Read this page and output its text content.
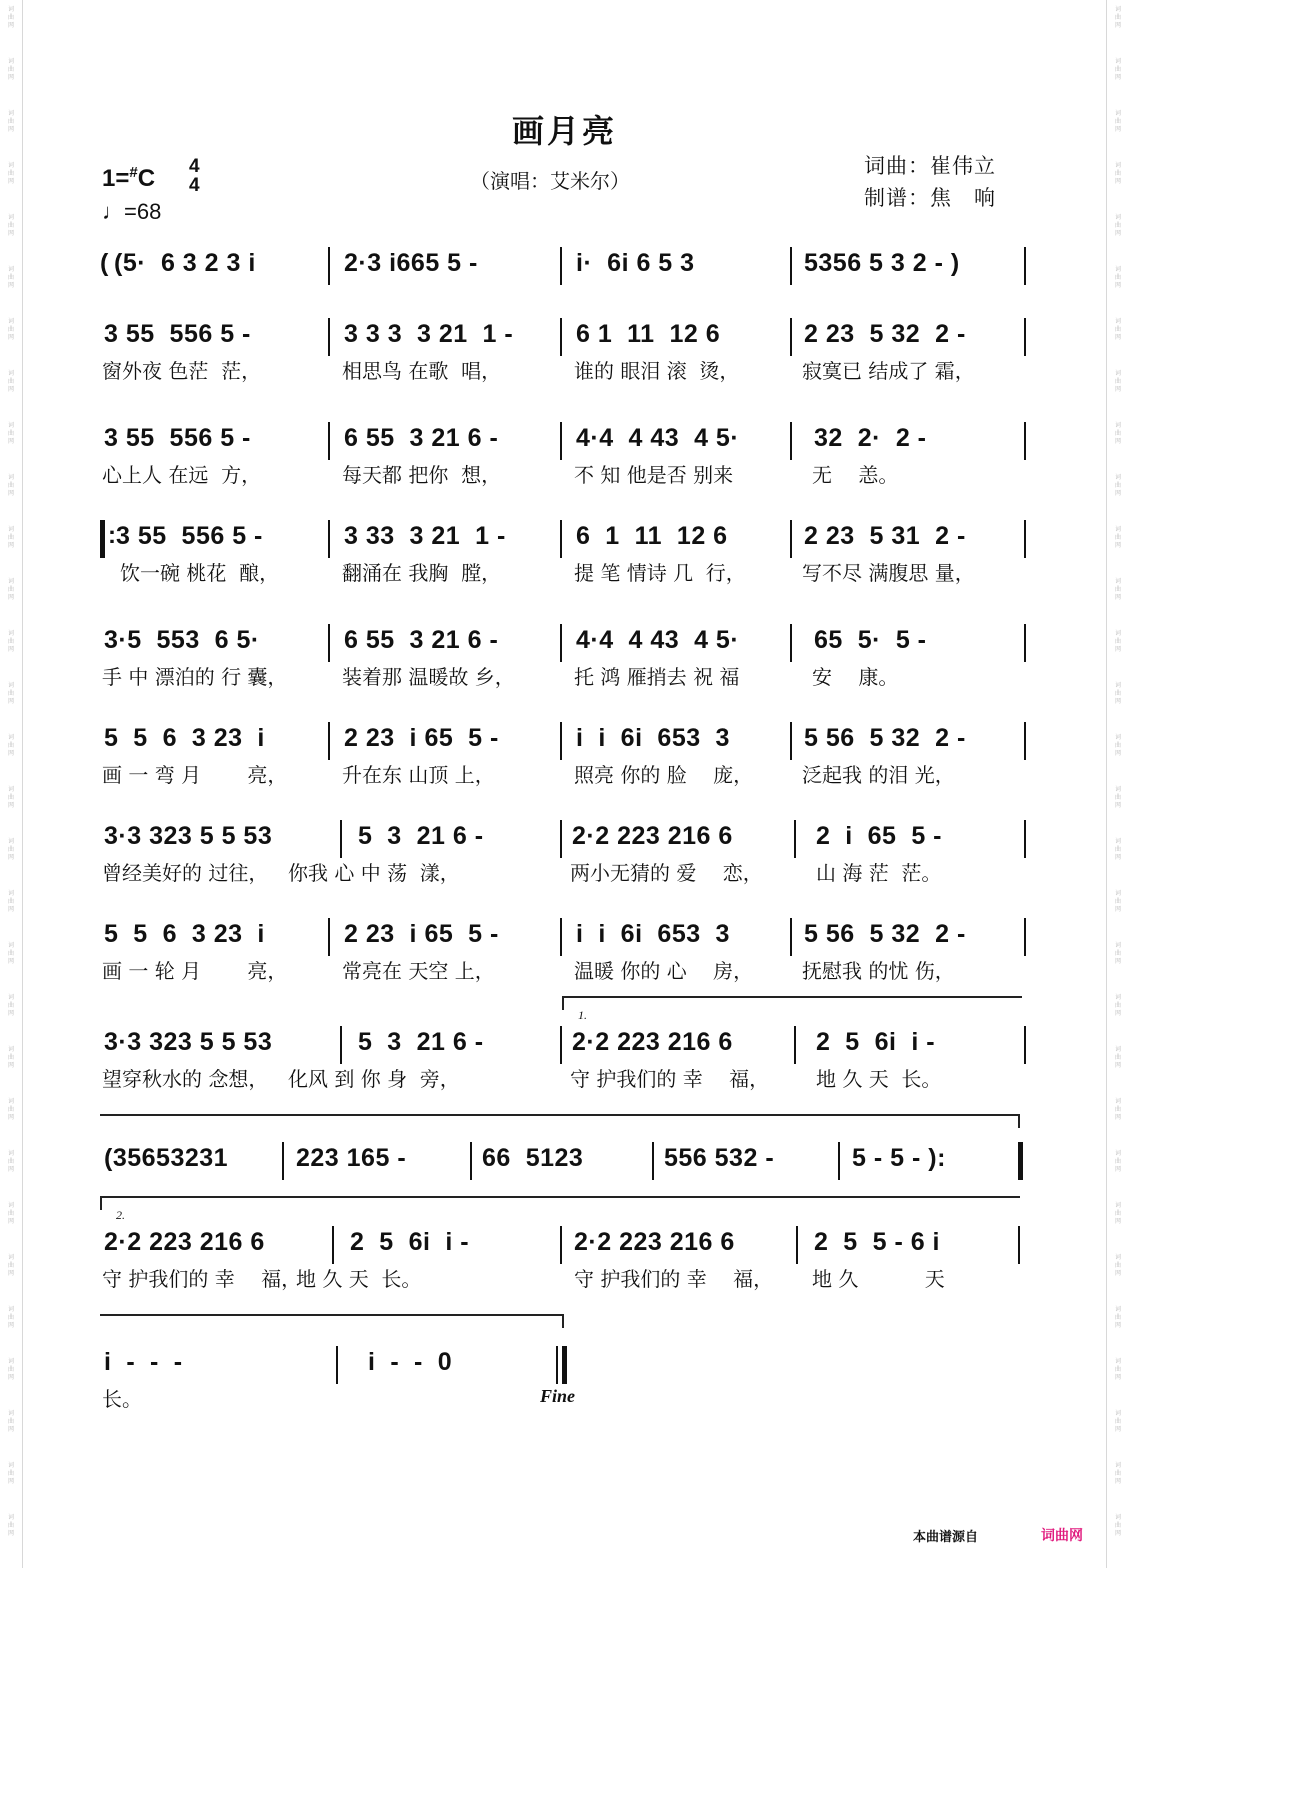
词
曲
网
词
曲
网
词
曲
网
词
曲
网
词
曲
网
词
曲
网
词
曲
网
词
曲
网
词
曲
网
词
曲
网
词
曲
网
词
曲
网
词
曲
网
词
曲
网
词
曲
网
词
曲
网
词
曲
网
词
曲
网
词
曲
网
词
曲
网
词
曲
网
词
曲
网
词
曲
网
词
曲
网
词
曲
网
词
曲
网
词
曲
网
词
曲
网
词
曲
网
词
曲
网
词
曲
网
词
曲
网
词
曲
网
词
曲
网
词
曲
网
词
曲
网
词
曲
网
词
曲
网
词
曲
网
词
曲
网
词
曲
网
词
曲
网
词
曲
网
词
曲
网
词
曲
网
词
曲
网
词
曲
网
词
曲
网
词
曲
网
词
曲
网
词
曲
网
词
曲
网
词
曲
网
词
曲
网
词
曲
网
词
曲
网
词
曲
网
词
曲
网
词
曲
网
词
曲
网
画月亮
1=#C 4
4
♩=68
（演唱：艾米尔）
词曲：崔伟立
制谱：焦　响
( (5·  6 3 2 3 i	2·3 i665 5 -	i·  6i 6 5 3	5356 5 3 2 - )
3 55  556 5 -
窗外夜 色茫  茫，
3 3 3  3 21  1 -
相思鸟 在歌  唱，
6 1  11  12 6
谁的 眼泪 滚  烫，
2 23  5 32  2 -
寂寞已 结成了 霜，
3 55  556 5 -
心上人 在远  方，
6 55  3 21 6 -
每天都 把你  想，
4·4  4 43  4 5·
不 知 他是否 别来
32  2·  2 -
无　 恙。
: 3 55  556 5 -
饮一碗 桃花  酿，
3 33  3 21  1 -
翻涌在 我胸  膛，
6  1  11  12 6
提 笔 情诗 几  行，
2 23  5 31  2 -
写不尽 满腹思 量，
3·5  553  6 5·
手 中 漂泊的 行 囊，
6 55  3 21 6 -
装着那 温暖故 乡，
4·4  4 43  4 5·
托 鸿 雁捎去 祝 福
65  5·  5 -
安　 康。
5  5  6  3 23  i
画 一 弯 月　　 亮，
2 23  i 65  5 -
升在东 山顶 上，
i  i  6i  653  3
照亮 你的 脸　 庞，
5 56  5 32  2 -
泛起我 的泪 光，
3·3 323 5 5 53
曾经美好的 过往，
5  3  21 6 -
你我 心 中 荡  漾，
2·2 223 216 6
两小无猜的 爱　 恋，
2  i  65  5 -
山 海 茫  茫。
5  5  6  3 23  i
画 一 轮 月　　 亮，
2 23  i 65  5 -
常亮在 天空 上，
i  i  6i  653  3
温暖 你的 心　 房，
5 56  5 32  2 -
抚慰我 的忧 伤，
3·3 323 5 5 53
望穿秋水的 念想，
5  3  21 6 -
化风 到 你 身  旁，
1.
2·2 223 216 6
守 护我们的 幸　 福，
2  5  6i  i -
地 久 天  长。
(35653231	223 165 -	66  5123	556 532 -	5 - 5 - ):
2.
2·2 223 216 6
守 护我们的 幸　 福，
2  5  6i  i -
地 久 天  长。
2·2 223 216 6
守 护我们的 幸　 福，
2  5  5 - 6 i
地 久　　　 天
i  -  -  -
长。
i  -  -  0
Fine
本曲谱源自	词曲网
